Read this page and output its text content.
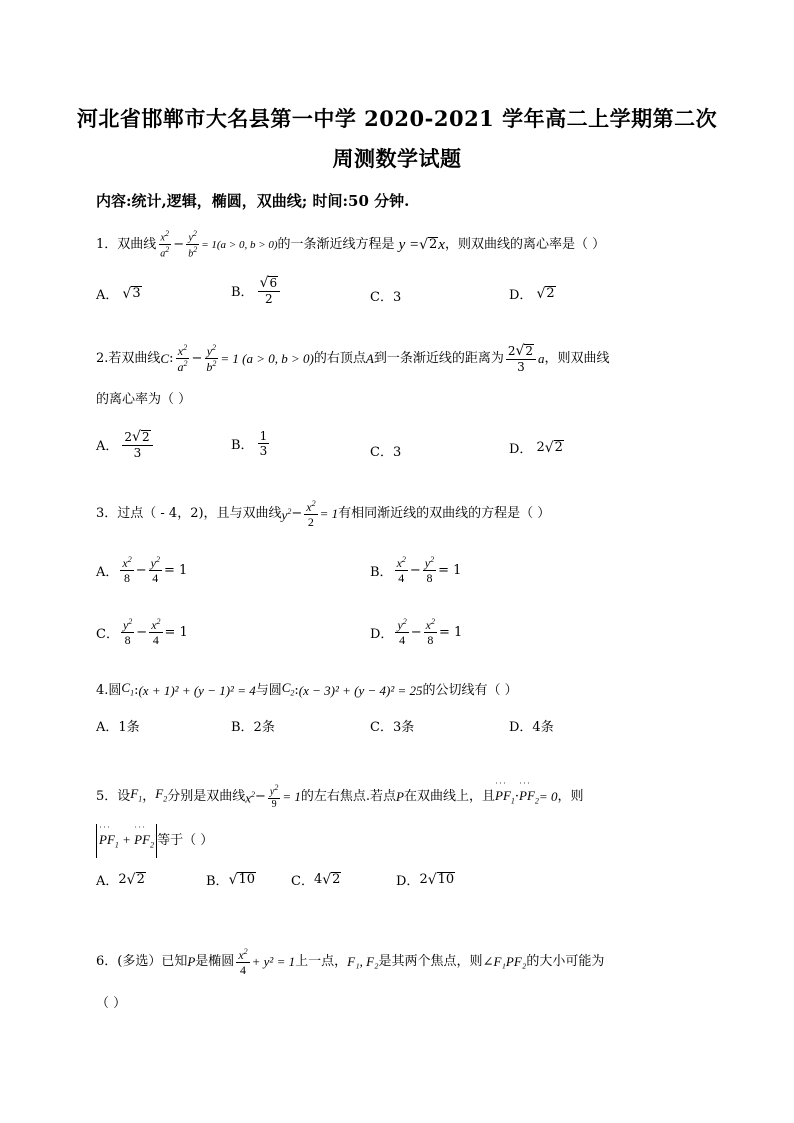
河北省邯郸市大名县第一中学 2020-2021 学年高二上学期第二次
周测数学试题
内容:统计,逻辑，椭圆，双曲线; 时间:50 分钟.
1．双曲线 $\frac{x^2}{a^2} - \frac{y^2}{b^2} = 1(a > 0$, b > 0) 的一条渐近线方程是 y = √ 2 x ，则双曲线的离心率是（ ）
A． √ 3	B． $\frac{√ 6}{2}$	C．3	D． √ 2
2.若双曲线 C : $\frac{x^2}{a^2} - \frac{y^2}{b^2} = 1$ (a > 0, b > 0) 的右顶点 A 到一条渐近线的距离为 $\frac{2 √ 2}{3}$ a ，则双曲线
的离心率为（ ）
A． $\frac{2 √ 2}{3}$	B． $\frac{1}{3}$	C．3	D． 2 √ 2
3．过点（ - 4，2)，且与双曲线 $y^2 - \frac{x^2}{2} = 1$ 有相同渐近线的双曲线的方程是（ ）
A． $\frac{x^2}{8} - \frac{y^2}{4} = 1$	B． $\frac{x^2}{4} - \frac{y^2}{8} = 1$
C． $\frac{y^2}{8} - \frac{x^2}{4} = 1$	D． $\frac{y^2}{4} - \frac{x^2}{8} = 1$
4.圆 $C_1$ : (x + 1)² + (y − 1)² = 4 与圆 $C_2$ : (x − 3)² + (y − 4)² = 25 的公切线有（ ）
A．1条	B．2条	C．3条	D．4条
5．设 $F_1$ ， $F_2$ 分别是双曲线 $x^2 - \frac{y^2}{9} = 1$ 的左右焦点.若点 P 在双曲线上，且 ˙˙˙ $PF_1$ · ˙˙˙ $PF_2 = 0$ ，则
˙˙˙ $PF_1$ + ˙˙˙ $PF_2$ 等于（ ）
A． 2 √ 2	B． √ 10	C． 4 √ 2	D． 2 √ 10
6．(多选）已知 P 是椭圆 $\frac{x^2}{4} + y^2 = 1$ 上一点， F₁, F₂ 是其两个焦点，则 ∠F₁PF₂ 的大小可能为
（ ）
